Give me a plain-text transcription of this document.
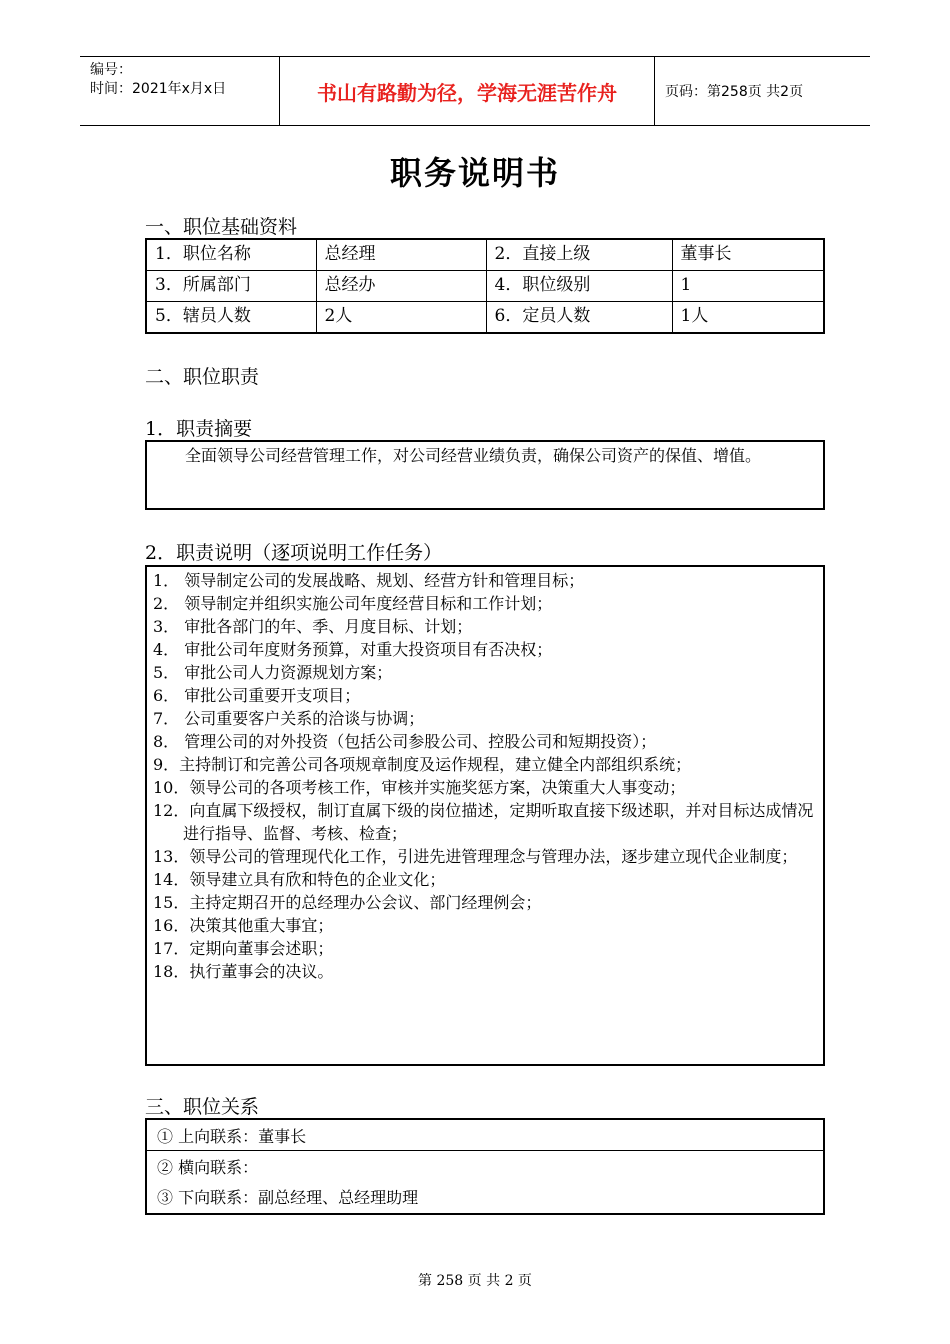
编号：
时间：2021年x月x日	书山有路勤为径，学海无涯苦作舟	页码：第258页 共2页
职务说明书
一、职位基础资料
1．职位名称	总经理	2．直接上级	董事长
3．所属部门	总经办	4．职位级别	1
5．辖员人数	2人	6．定员人数	1人
二、职位职责
1．职责摘要
全面领导公司经营管理工作，对公司经营业绩负责，确保公司资产的保值、增值。
2．职责说明（逐项说明工作任务）
1． 领导制定公司的发展战略、规划、经营方针和管理目标；
2． 领导制定并组织实施公司年度经营目标和工作计划；
3． 审批各部门的年、季、月度目标、计划；
4． 审批公司年度财务预算，对重大投资项目有否决权；
5． 审批公司人力资源规划方案；
6． 审批公司重要开支项目；
7． 公司重要客户关系的洽谈与协调；
8． 管理公司的对外投资（包括公司参股公司、控股公司和短期投资）；
9．主持制订和完善公司各项规章制度及运作规程，建立健全内部组织系统；
10．领导公司的各项考核工作，审核并实施奖惩方案，决策重大人事变动；
12．向直属下级授权，制订直属下级的岗位描述，定期听取直接下级述职，并对目标达成情况进行指导、监督、考核、检查；
13．领导公司的管理现代化工作，引进先进管理理念与管理办法，逐步建立现代企业制度；
14．领导建立具有欣和特色的企业文化；
15．主持定期召开的总经理办公会议、部门经理例会；
16．决策其他重大事宜；
17．定期向董事会述职；
18．执行董事会的决议。
三、职位关系
① 上向联系：董事长

② 横向联系：
③ 下向联系：副总经理、总经理助理
第 258 页 共 2 页
